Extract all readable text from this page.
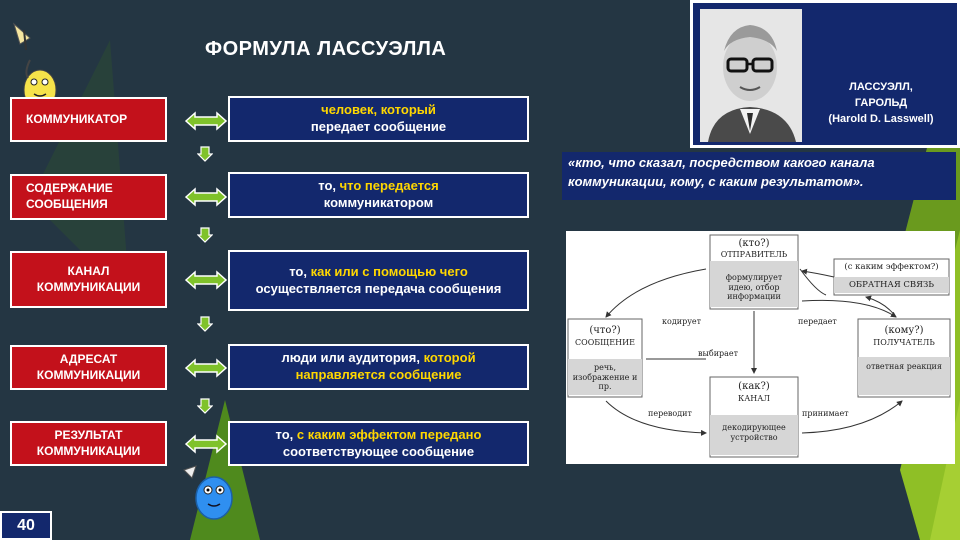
ФОРМУЛА ЛАССУЭЛЛА
КОММУНИКАТОР
СОДЕРЖАНИЕ СООБЩЕНИЯ
КАНАЛ КОММУНИКАЦИИ
АДРЕСАТ КОММУНИКАЦИИ
РЕЗУЛЬТАТ КОММУНИКАЦИИ
человек, который
передает сообщение
то, что передается
коммуникатором
то, как или с помощью чего
осуществляется передача сообщения
люди или аудитория, которой направляется сообщение
то, с каким эффектом передано
соответствующее сообщение
ЛАССУЭЛЛ,
ГАРОЛЬД
(Harold D. Lasswell)
«кто, что сказал, посредством какого канала коммуникации, кому, с каким результатом».
(кто?)
ОТПРАВИТЕЛЬ
формулирует идею, отбор информации
(с каким эффектом?)
ОБРАТНАЯ СВЯЗЬ
(что?)
СООБЩЕНИЕ
речь, изображение и пр.
(кому?)
ПОЛУЧАТЕЛЬ
ответная реакция
(как?)
КАНАЛ
декодирующее устройство
кодирует	передает
выбирает
переводит	принимает
40
